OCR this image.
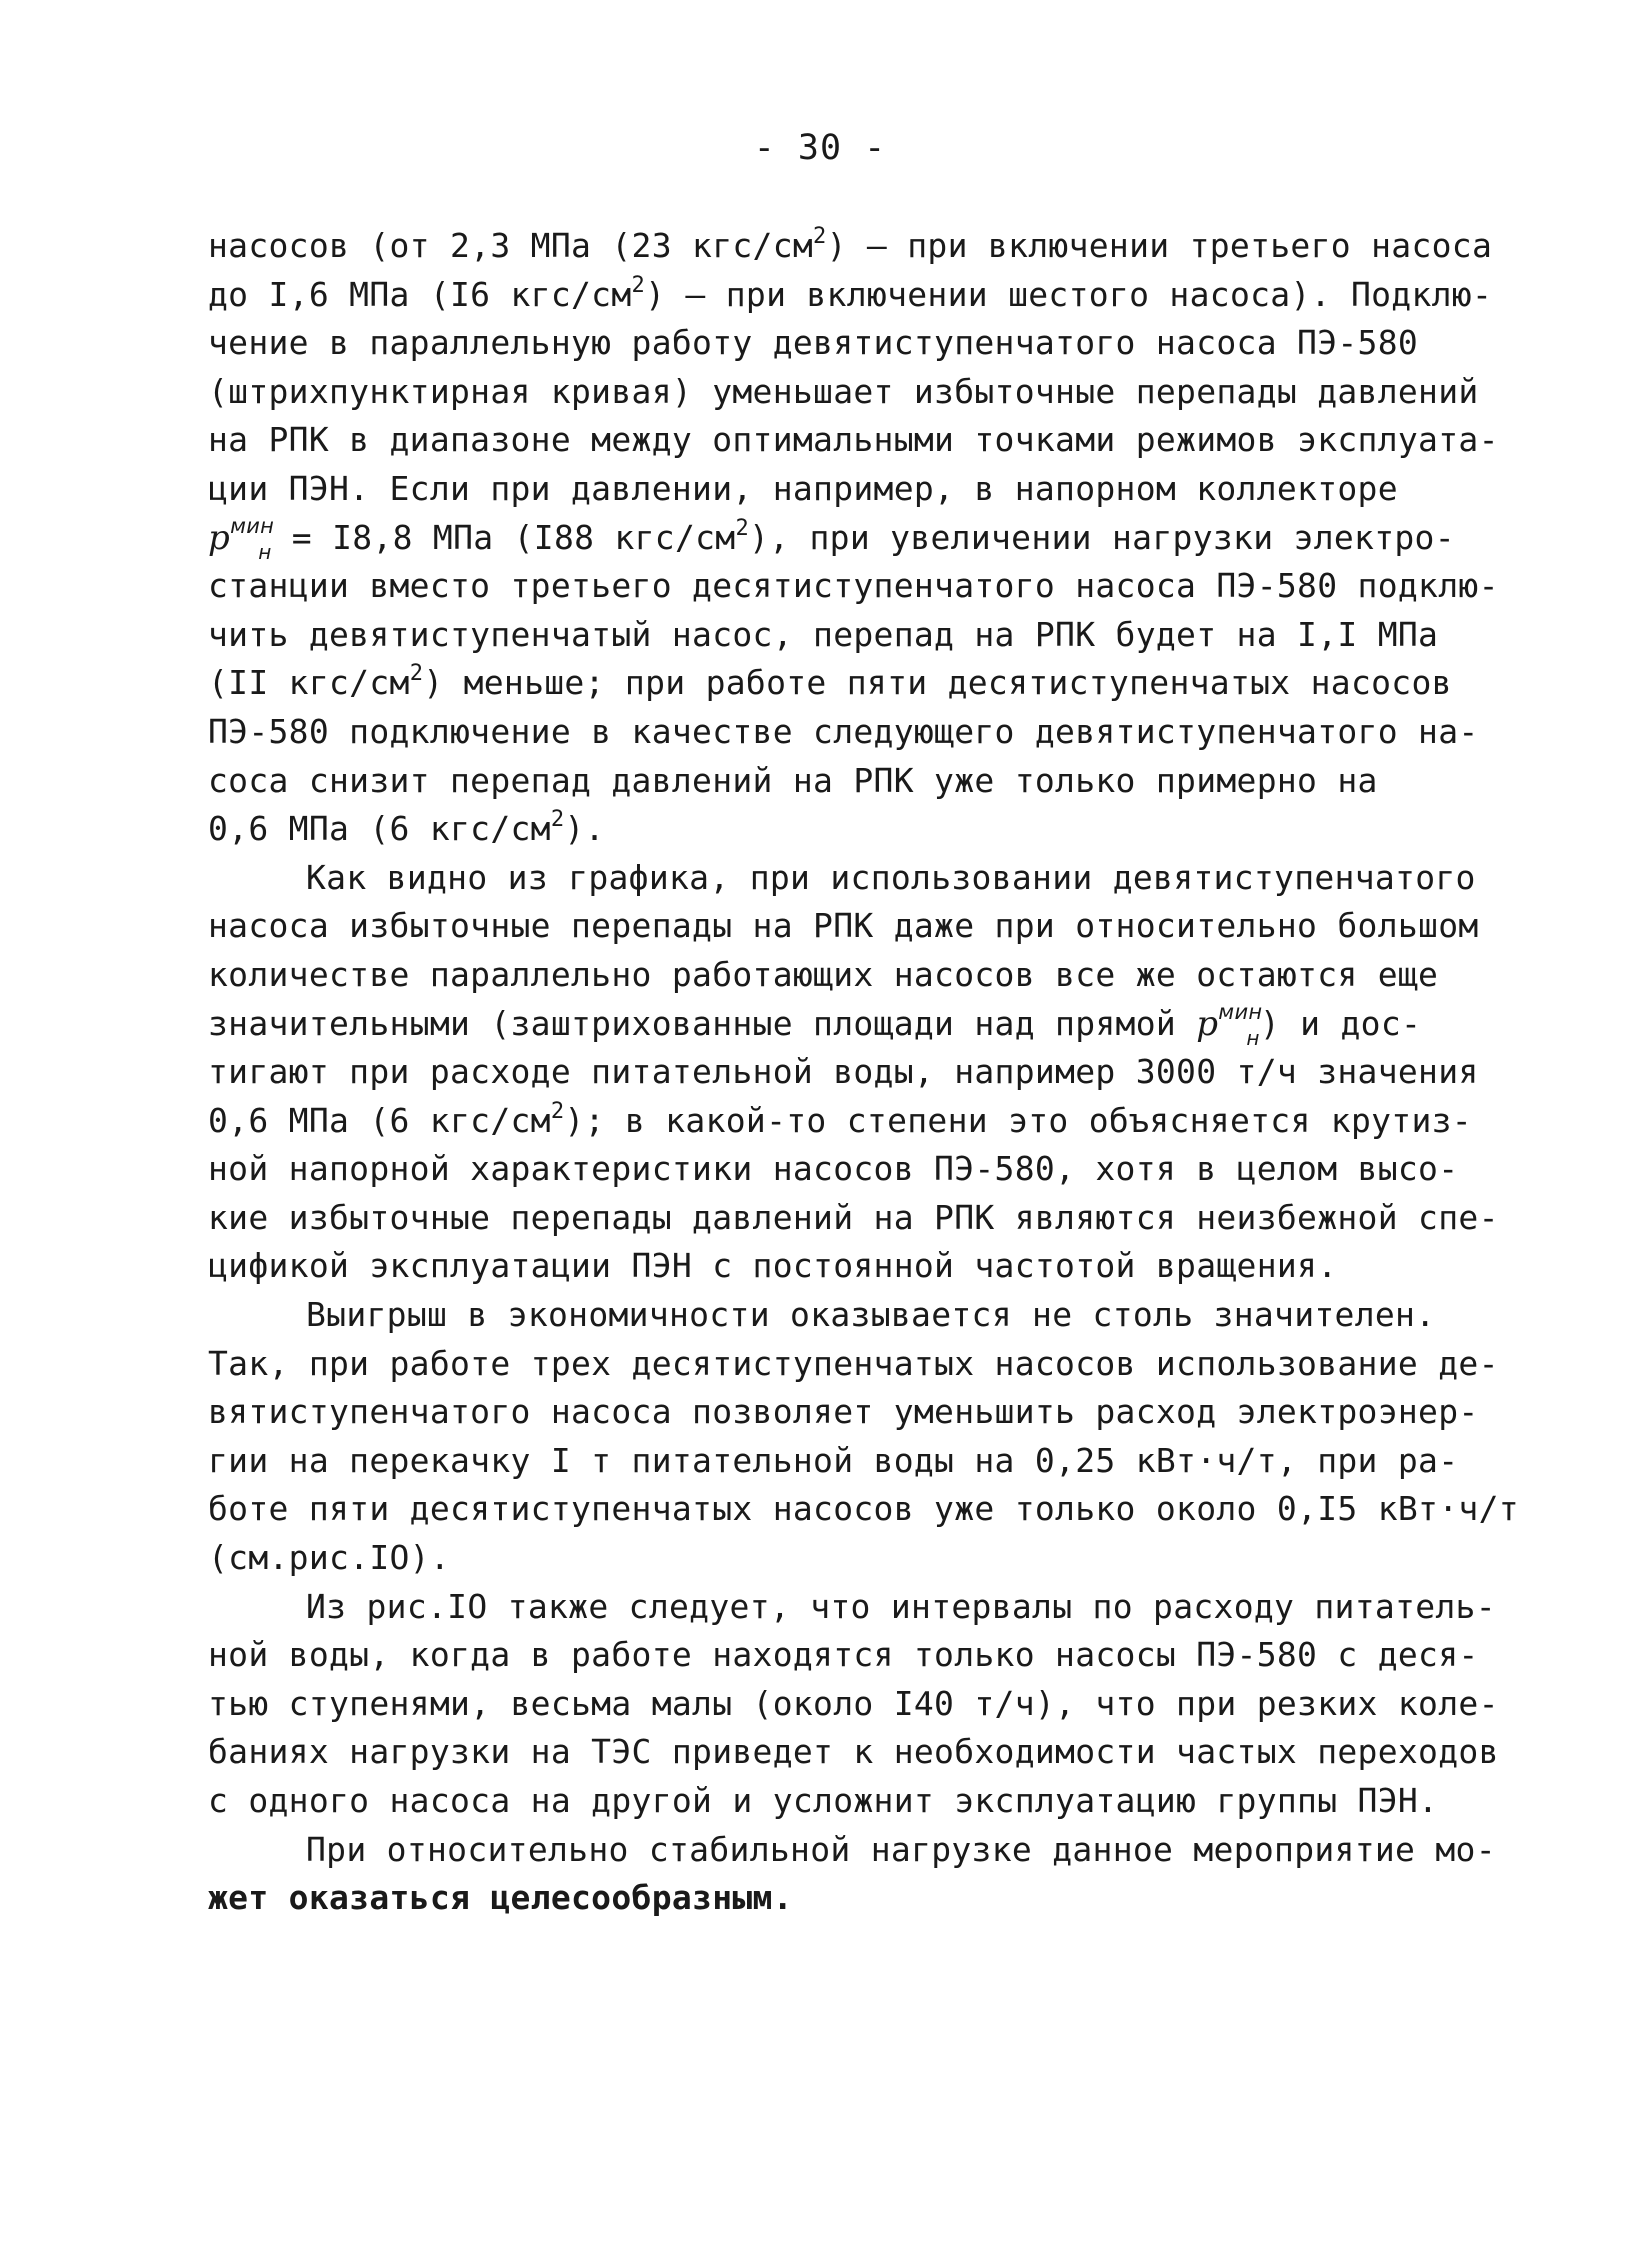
- 30 -
насосов (от 2,3 МПа (23 кгс/$см^2$) – при включении третьего насоса
до I,6 МПа (I6 кгс/$см^2$) – при включении шестого насоса). Подклю-
чение в параллельную работу девятиступенчатого насоса ПЭ-580
(штрихпунктирная кривая) уменьшает избыточные перепады давлений
на РПК в диапазоне между оптимальными точками режимов эксплуата-
ции ПЭН. Если при давлении, например, в напорном коллекторе
$p^{мин}_н = I8,8$ МПа (I88 кгс/$см^2$), при увеличении нагрузки электро-
станции вместо третьего десятиступенчатого насоса ПЭ-580 подклю-
чить девятиступенчатый насос, перепад на РПК будет на I,I МПа
(II кгс/$см^2$) меньше; при работе пяти десятиступенчатых насосов
ПЭ-580 подключение в качестве следующего девятиступенчатого на-
соса снизит перепад давлений на РПК уже только примерно на
0,6 МПа (6 кгс/$см^2$).
Как видно из графика, при использовании девятиступенчатого
насоса избыточные перепады на РПК даже при относительно большом
количестве параллельно работающих насосов все же остаются еще
значительными (заштрихованные площади над прямой $p^{мин}_н$) и дос-
тигают при расходе питательной воды, например 3000 т/ч значения
0,6 МПа (6 кгс/$см^2$); в какой-то степени это объясняется крутиз-
ной напорной характеристики насосов ПЭ-580, хотя в целом высо-
кие избыточные перепады давлений на РПК являются неизбежной спе-
цификой эксплуатации ПЭН с постоянной частотой вращения.
Выигрыш в экономичности оказывается не столь значителен.
Так, при работе трех десятиступенчатых насосов использование де-
вятиступенчатого насоса позволяет уменьшить расход электроэнер-
гии на перекачку I т питательной воды на 0,25 кВт·ч/т, при ра-
боте пяти десятиступенчатых насосов уже только около 0,I5 кВт·ч/т
(см.рис.IO).
Из рис.IO также следует, что интервалы по расходу питатель-
ной воды, когда в работе находятся только насосы ПЭ-580 с деся-
тью ступенями, весьма малы (около I40 т/ч), что при резких коле-
баниях нагрузки на ТЭС приведет к необходимости частых переходов
с одного насоса на другой и усложнит эксплуатацию группы ПЭН.
При относительно стабильной нагрузке данное мероприятие мо-
жет оказаться целесообразным.
